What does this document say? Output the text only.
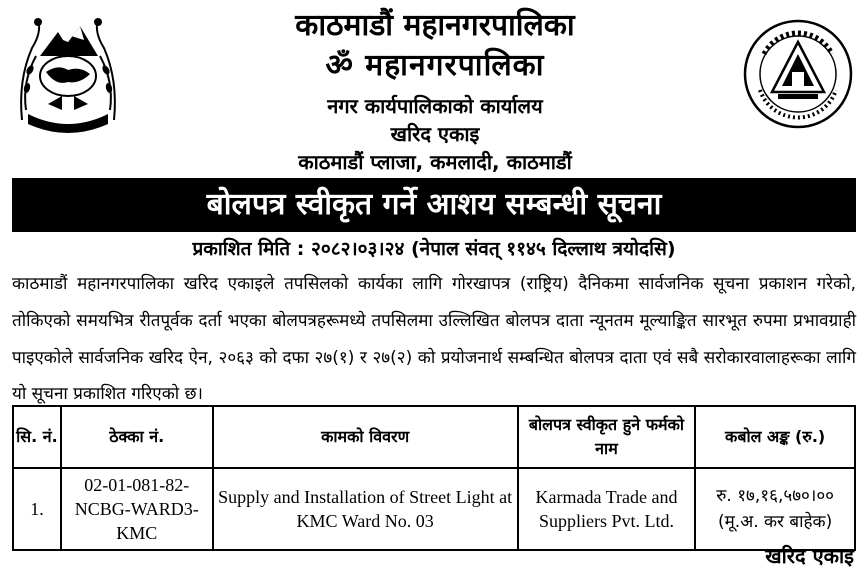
काठमाडौं महानगरपालिका
ॐ महानगरपालिका
नगर कार्यपालिकाको कार्यालय
खरिद एकाइ
काठमाडौं प्लाजा, कमलादी, काठमाडौं
बोलपत्र स्वीकृत गर्ने आशय सम्बन्धी सूचना
प्रकाशित मिति : २०८२।०३।२४ (नेपाल संवत् ११४५ दिल्लाथ त्रयोदसि)
काठमाडौं महानगरपालिका खरिद एकाइले तपसिलको कार्यका लागि गोरखापत्र (राष्ट्रिय) दैनिकमा सार्वजनिक सूचना प्रकाशन गरेको, तोकिएको समयभित्र रीतपूर्वक दर्ता भएका बोलपत्रहरूमध्ये तपसिलमा उल्लिखित बोलपत्र दाता न्यूनतम मूल्याङ्कित सारभूत रुपमा प्रभावग्राही पाइएकोले सार्वजनिक खरिद ऐन, २०६३ को दफा २७(१) र २७(२) को प्रयोजनार्थ सम्बन्धित बोलपत्र दाता एवं सबै सरोकारवालाहरूका लागि यो सूचना प्रकाशित गरिएको छ।
सि. नं.	ठेक्का नं.	कामको विवरण	बोलपत्र स्वीकृत हुने फर्मको नाम	कबोल अङ्क (रु.)
1.	02-01-081-82-NCBG-WARD3-KMC	Supply and Installation of Street Light at KMC Ward No. 03	Karmada Trade and Suppliers Pvt. Ltd.	रु. १७,१६,५७०।००
(मू.अ. कर बाहेक)
खरिद एकाइ
